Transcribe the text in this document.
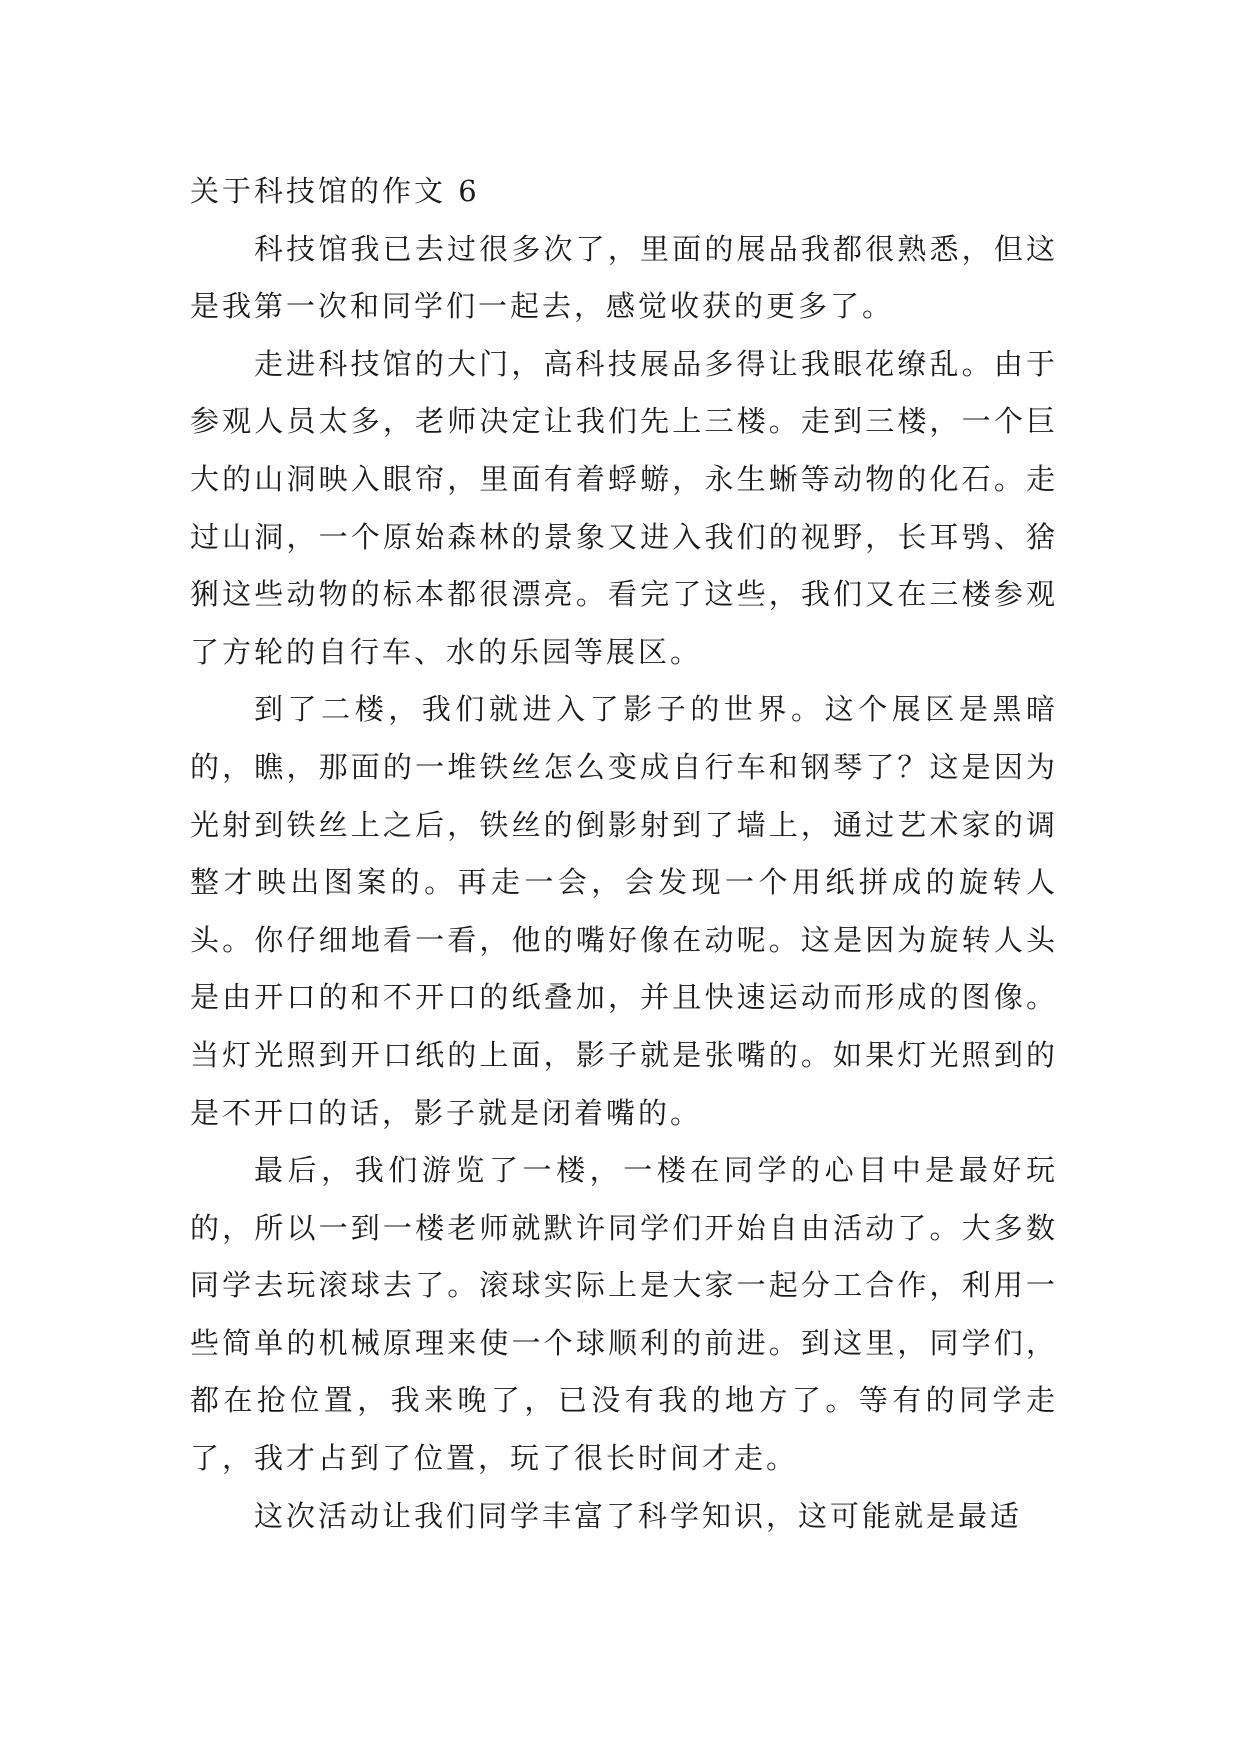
关于科技馆的作文 6

科技馆我已去过很多次了，里面的展品我都很熟悉，但这是我第一次和同学们一起去，感觉收获的更多了。

走进科技馆的大门，高科技展品多得让我眼花缭乱。由于参观人员太多，老师决定让我们先上三楼。走到三楼，一个巨大的山洞映入眼帘，里面有着蜉蝣，永生蜥等动物的化石。走过山洞，一个原始森林的景象又进入我们的视野，长耳鸮、猞猁这些动物的标本都很漂亮。看完了这些，我们又在三楼参观了方轮的自行车、水的乐园等展区。

到了二楼，我们就进入了影子的世界。这个展区是黑暗的，瞧，那面的一堆铁丝怎么变成自行车和钢琴了？这是因为光射到铁丝上之后，铁丝的倒影射到了墙上，通过艺术家的调整才映出图案的。再走一会，会发现一个用纸拼成的旋转人头。你仔细地看一看，他的嘴好像在动呢。这是因为旋转人头是由开口的和不开口的纸叠加，并且快速运动而形成的图像。当灯光照到开口纸的上面，影子就是张嘴的。如果灯光照到的是不开口的话，影子就是闭着嘴的。

最后，我们游览了一楼，一楼在同学的心目中是最好玩的，所以一到一楼老师就默许同学们开始自由活动了。大多数同学去玩滚球去了。滚球实际上是大家一起分工合作，利用一些简单的机械原理来使一个球顺利的前进。到这里，同学们，都在抢位置，我来晚了，已没有我的地方了。等有的同学走了，我才占到了位置，玩了很长时间才走。

这次活动让我们同学丰富了科学知识，这可能就是最适
